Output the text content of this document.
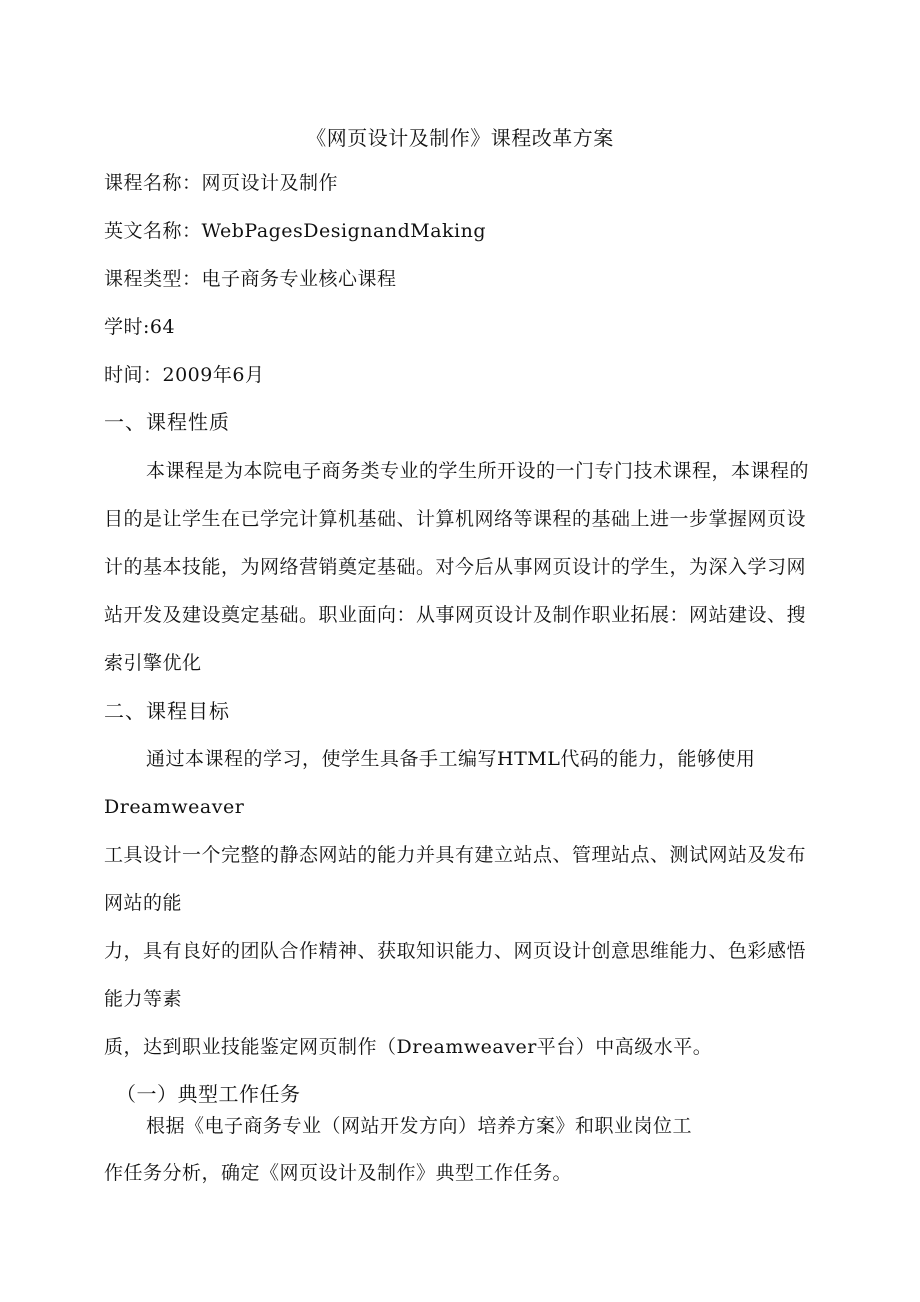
《网页设计及制作》课程改革方案
课程名称：网页设计及制作
英文名称：WebPagesDesignandMaking
课程类型：电子商务专业核心课程
学时:64
时间：2009年6月
一、课程性质
本课程是为本院电子商务类专业的学生所开设的一门专门技术课程，本课程的
目的是让学生在已学完计算机基础、计算机网络等课程的基础上进一步掌握网页设
计的基本技能，为网络营销奠定基础。对今后从事网页设计的学生，为深入学习网
站开发及建设奠定基础。职业面向：从事网页设计及制作职业拓展：网站建设、搜
索引擎优化
二、课程目标
通过本课程的学习，使学生具备手工编写HTML代码的能力，能够使用
Dreamweaver
工具设计一个完整的静态网站的能力并具有建立站点、管理站点、测试网站及发布
网站的能
力，具有良好的团队合作精神、获取知识能力、网页设计创意思维能力、色彩感悟
能力等素
质，达到职业技能鉴定网页制作（Dreamweaver平台）中高级水平。
（一）典型工作任务
根据《电子商务专业（网站开发方向）培养方案》和职业岗位工
作任务分析，确定《网页设计及制作》典型工作任务。
